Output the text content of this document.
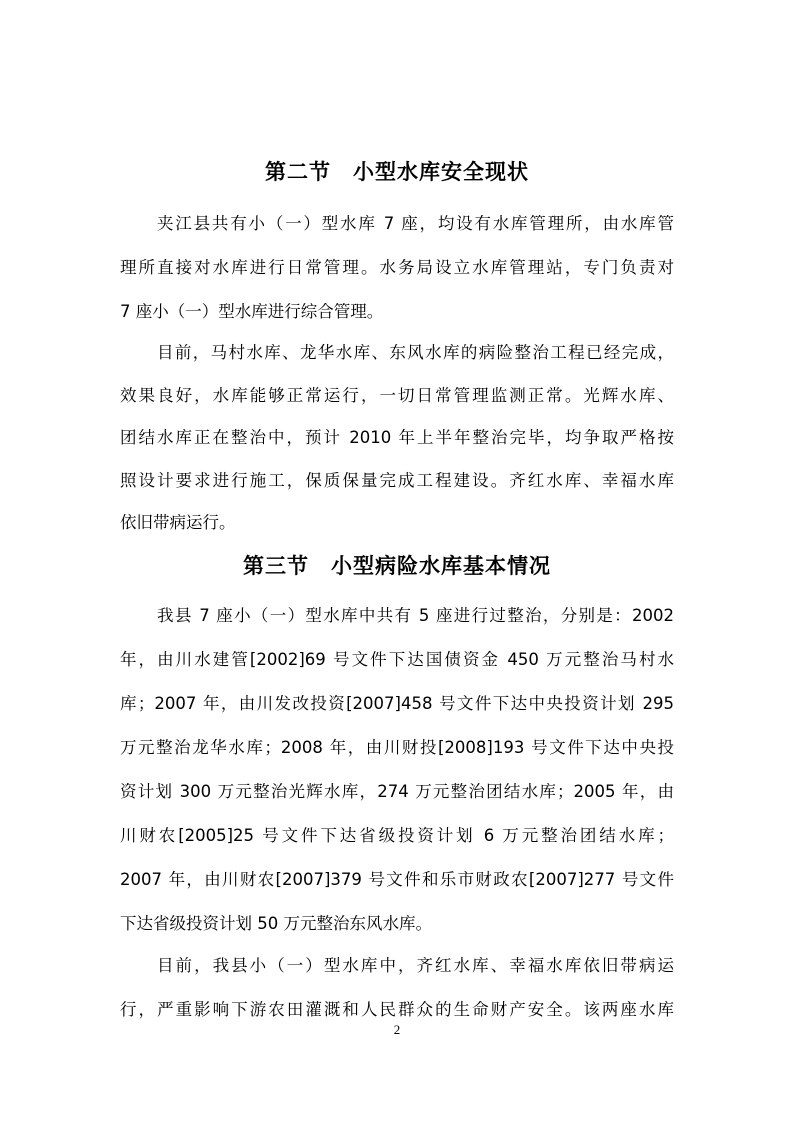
第二节　小型水库安全现状

夹江县共有小（一）型水库 7 座，均设有水库管理所，由水库管

理所直接对水库进行日常管理。水务局设立水库管理站，专门负责对

7 座小（一）型水库进行综合管理。

目前，马村水库、龙华水库、东风水库的病险整治工程已经完成，

效果良好，水库能够正常运行，一切日常管理监测正常。光辉水库、

团结水库正在整治中，预计 2010 年上半年整治完毕，均争取严格按

照设计要求进行施工，保质保量完成工程建设。齐红水库、幸福水库

依旧带病运行。

第三节　小型病险水库基本情况

我县 7 座小（一）型水库中共有 5 座进行过整治，分别是：2002

年，由川水建管[2002]69 号文件下达国债资金 450 万元整治马村水

库；2007 年，由川发改投资[2007]458 号文件下达中央投资计划 295

万元整治龙华水库；2008 年，由川财投[2008]193 号文件下达中央投

资计划 300 万元整治光辉水库，274 万元整治团结水库；2005 年，由

川财农[2005]25 号文件下达省级投资计划 6 万元整治团结水库；

2007 年，由川财农[2007]379 号文件和乐市财政农[2007]277 号文件

下达省级投资计划 50 万元整治东风水库。

目前，我县小（一）型水库中，齐红水库、幸福水库依旧带病运

行，严重影响下游农田灌溉和人民群众的生命财产安全。该两座水库

2
